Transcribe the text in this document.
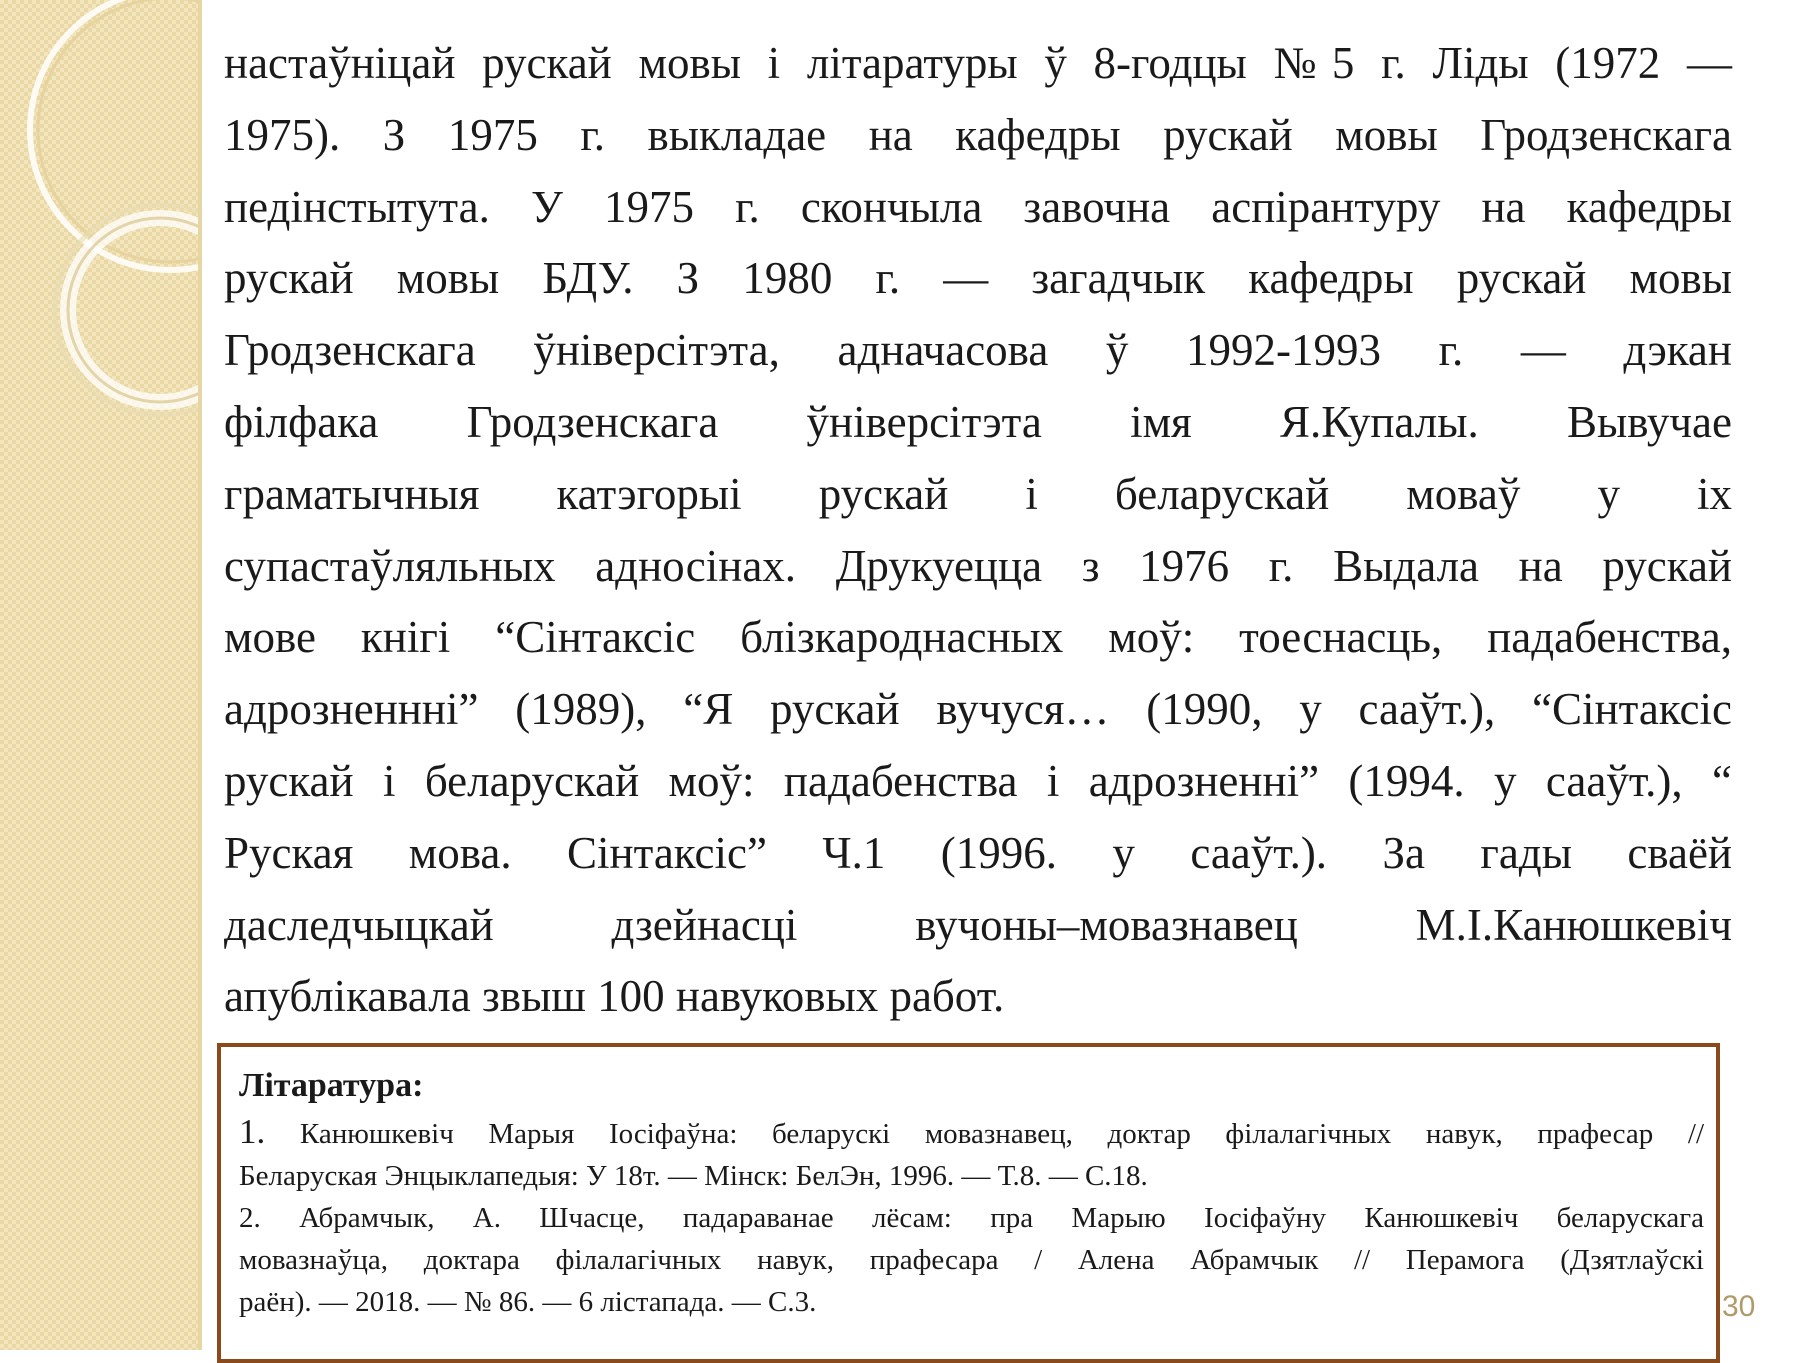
настаўніцай рускай мовы і літаратуры ў 8-годцы №5 г. Ліды (1972 —
1975). З 1975 г. выкладае на кафедры рускай мовы Гродзенскага
педінстытута. У 1975 г. скончыла завочна аспірантуру на кафедры
рускай мовы БДУ. З 1980 г. — загадчык кафедры рускай мовы
Гродзенскага ўніверсітэта, адначасова ў 1992-1993 г. — дэкан
філфака Гродзенскага ўніверсітэта імя Я.Купалы. Вывучае
граматычныя катэгорыі рускай і беларускай моваў у іх
супастаўляльных адносінах. Друкуецца з 1976 г. Выдала на рускай
мове кнігі “Сінтаксіс блізкароднасных моў: тоеснасць, падабенства,
адрозненнні” (1989), “Я рускай вучуся… (1990, у сааўт.), “Сінтаксіс
рускай і беларускай моў: падабенства і адрозненні” (1994. у сааўт.), “
Руская мова. Сінтаксіс” Ч.1 (1996. у сааўт.). За гады сваёй
даследчыцкай дзейнасці вучоны–мовазнавец М.І.Канюшкевіч
апублікавала звыш 100 навуковых работ.

Літаратура:

1. Канюшкевіч Марыя Іосіфаўна: беларускі мовазнавец, доктар філалагічных навук, прафесар //
Беларуская Энцыклапедыя: У 18т. — Мінск: БелЭн, 1996. — Т.8. — С.18.
2. Абрамчык, А. Шчасце, падараванае лёсам: пра Марыю Іосіфаўну Канюшкевіч беларускага
мовазнаўца, доктара філалагічных навук, прафесара / Алена Абрамчык // Перамога (Дзятлаўскі
раён). — 2018. — № 86. — 6 лістапада. — С.3.	30
